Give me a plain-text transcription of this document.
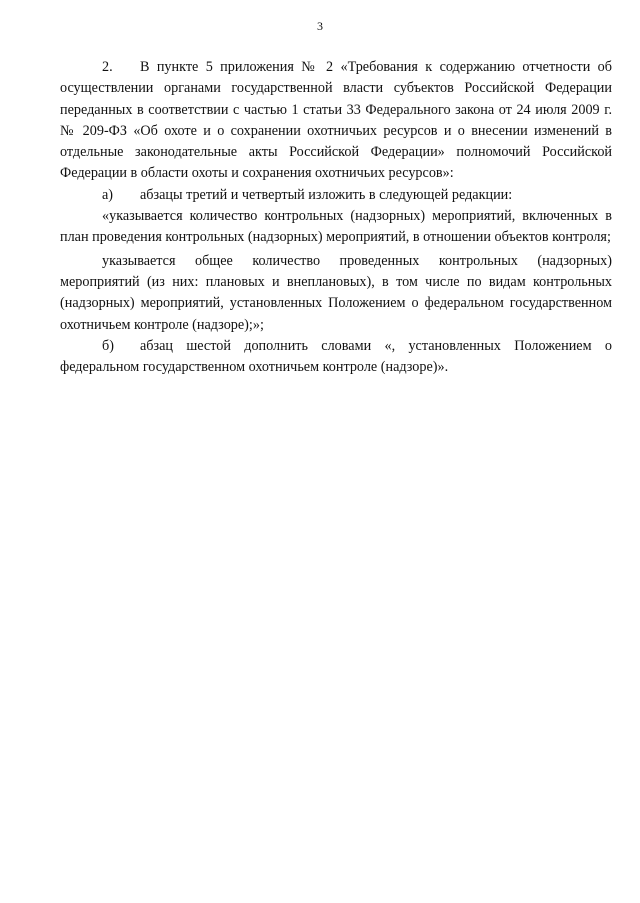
3

2. В пункте 5 приложения № 2 «Требования к содержанию отчетности об осуществлении органами государственной власти субъектов Российской Федерации переданных в соответствии с частью 1 статьи 33 Федерального закона от 24 июля 2009 г. № 209-ФЗ «Об охоте и о сохранении охотничьих ресурсов и о внесении изменений в отдельные законодательные акты Российской Федерации» полномочий Российской Федерации в области охоты и сохранения охотничьих ресурсов»:

а) абзацы третий и четвертый изложить в следующей редакции:

«указывается количество контрольных (надзорных) мероприятий, включенных в план проведения контрольных (надзорных) мероприятий, в отношении объектов контроля;

указывается общее количество проведенных контрольных (надзорных) мероприятий (из них: плановых и внеплановых), в том числе по видам контрольных (надзорных) мероприятий, установленных Положением о федеральном государственном охотничьем контроле (надзоре);»;

б) абзац шестой дополнить словами «, установленных Положением о федеральном государственном охотничьем контроле (надзоре)».
